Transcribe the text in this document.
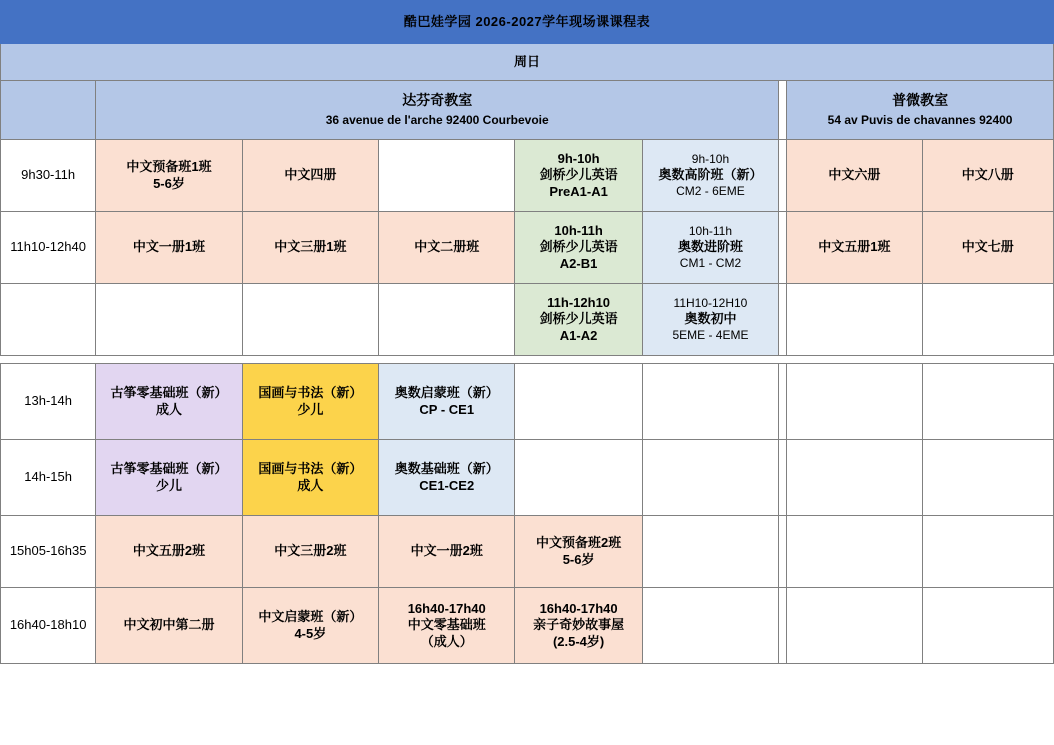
酷巴娃学园 2026-2027学年现场课课程表								
周日								

达芬奇教室
36 avenue de l'arche 92400 Courbevoie

普微教室
54 av Puvis de chavannes 92400

9h30-11h	中文预备班1班
5-6岁	中文四册		9h-10h
剑桥少儿英语
PreA1-A1	9h-10h
奥数高阶班（新）
CM2 - 6EME		中文六册	中文八册

11h10-12h40	中文一册1班	中文三册1班	中文二册班	10h-11h
剑桥少儿英语
A2-B1	10h-11h
奥数进阶班
CM1 - CM2		中文五册1班	中文七册

				11h-12h10
剑桥少儿英语
A1-A2	11H10-12H10
奥数初中
5EME - 4EME			

13h-14h	古筝零基础班（新）
成人	国画与书法（新）
少儿	奥数启蒙班（新）
CP - CE1					

14h-15h	古筝零基础班（新）
少儿	国画与书法（新）
成人	奥数基础班（新）
CE1-CE2					

15h05-16h35	中文五册2班	中文三册2班	中文一册2班	中文预备班2班
5-6岁				

16h40-18h10	中文初中第二册	中文启蒙班（新）
4-5岁	16h40-17h40
中文零基础班
（成人）	16h40-17h40
亲子奇妙故事屋
(2.5-4岁)				
